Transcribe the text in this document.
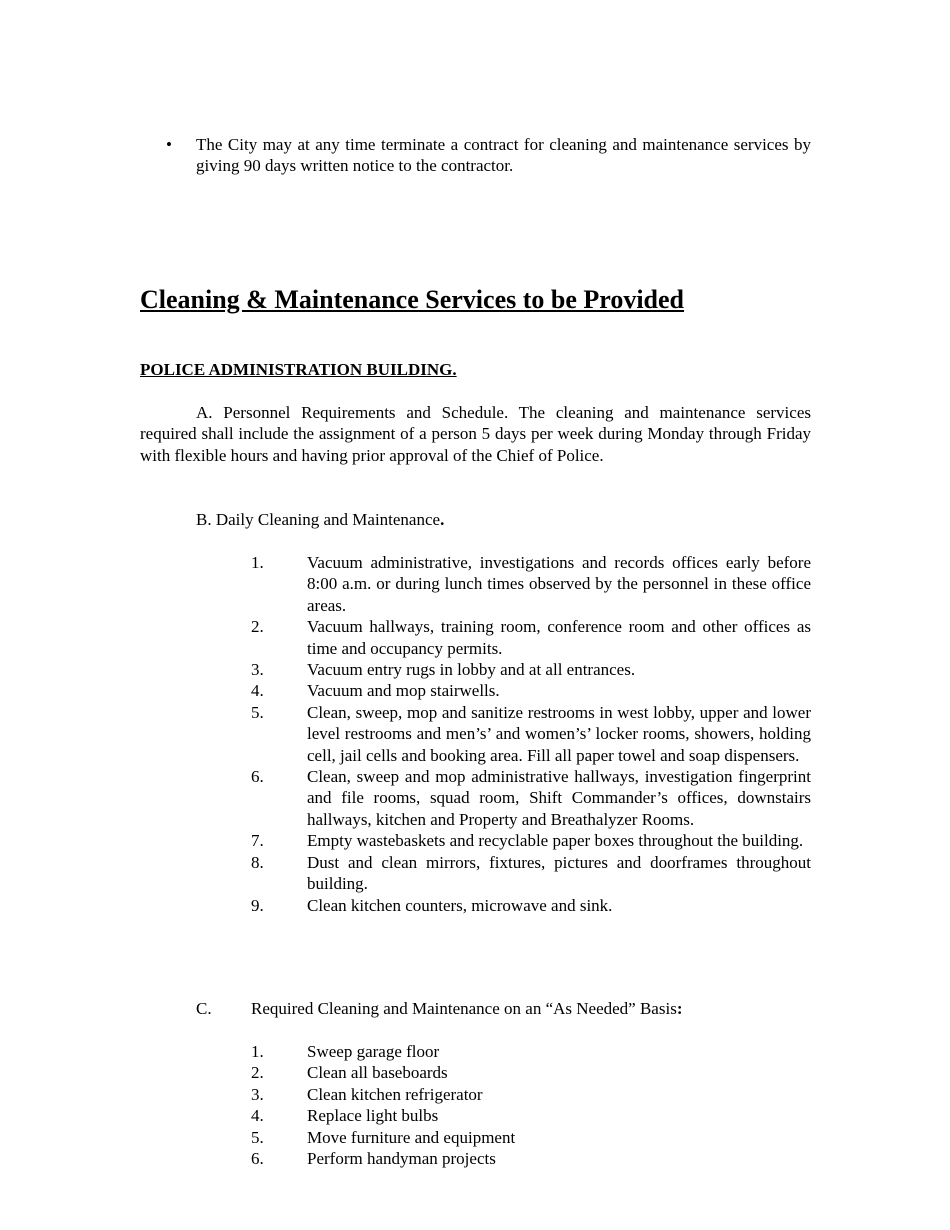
• The City may at any time terminate a contract for cleaning and maintenance services by giving 90 days written notice to the contractor.
Cleaning & Maintenance Services to be Provided
POLICE ADMINISTRATION BUILDING.
A. Personnel Requirements and Schedule. The cleaning and maintenance services required shall include the assignment of a person 5 days per week during Monday through Friday with flexible hours and having prior approval of the Chief of Police.
B. Daily Cleaning and Maintenance.
1.	Vacuum administrative, investigations and records offices early before 8:00 a.m. or during lunch times observed by the personnel in these office areas.
2.	Vacuum hallways, training room, conference room and other offices as time and occupancy permits.
3.	Vacuum entry rugs in lobby and at all entrances.
4.	Vacuum and mop stairwells.
5.	Clean, sweep, mop and sanitize restrooms in west lobby, upper and lower level restrooms and men’s’ and women’s’ locker rooms, showers, holding cell, jail cells and booking area. Fill all paper towel and soap dispensers.
6.	Clean, sweep and mop administrative hallways, investigation fingerprint and file rooms, squad room, Shift Commander’s offices, downstairs hallways, kitchen and Property and Breathalyzer Rooms.
7.	Empty wastebaskets and recyclable paper boxes throughout the building.
8.	Dust and clean mirrors, fixtures, pictures and doorframes throughout building.
9.	Clean kitchen counters, microwave and sink.
C. Required Cleaning and Maintenance on an “As Needed” Basis:
1.	Sweep garage floor
2.	Clean all baseboards
3.	Clean kitchen refrigerator
4.	Replace light bulbs
5.	Move furniture and equipment
6.	Perform handyman projects
